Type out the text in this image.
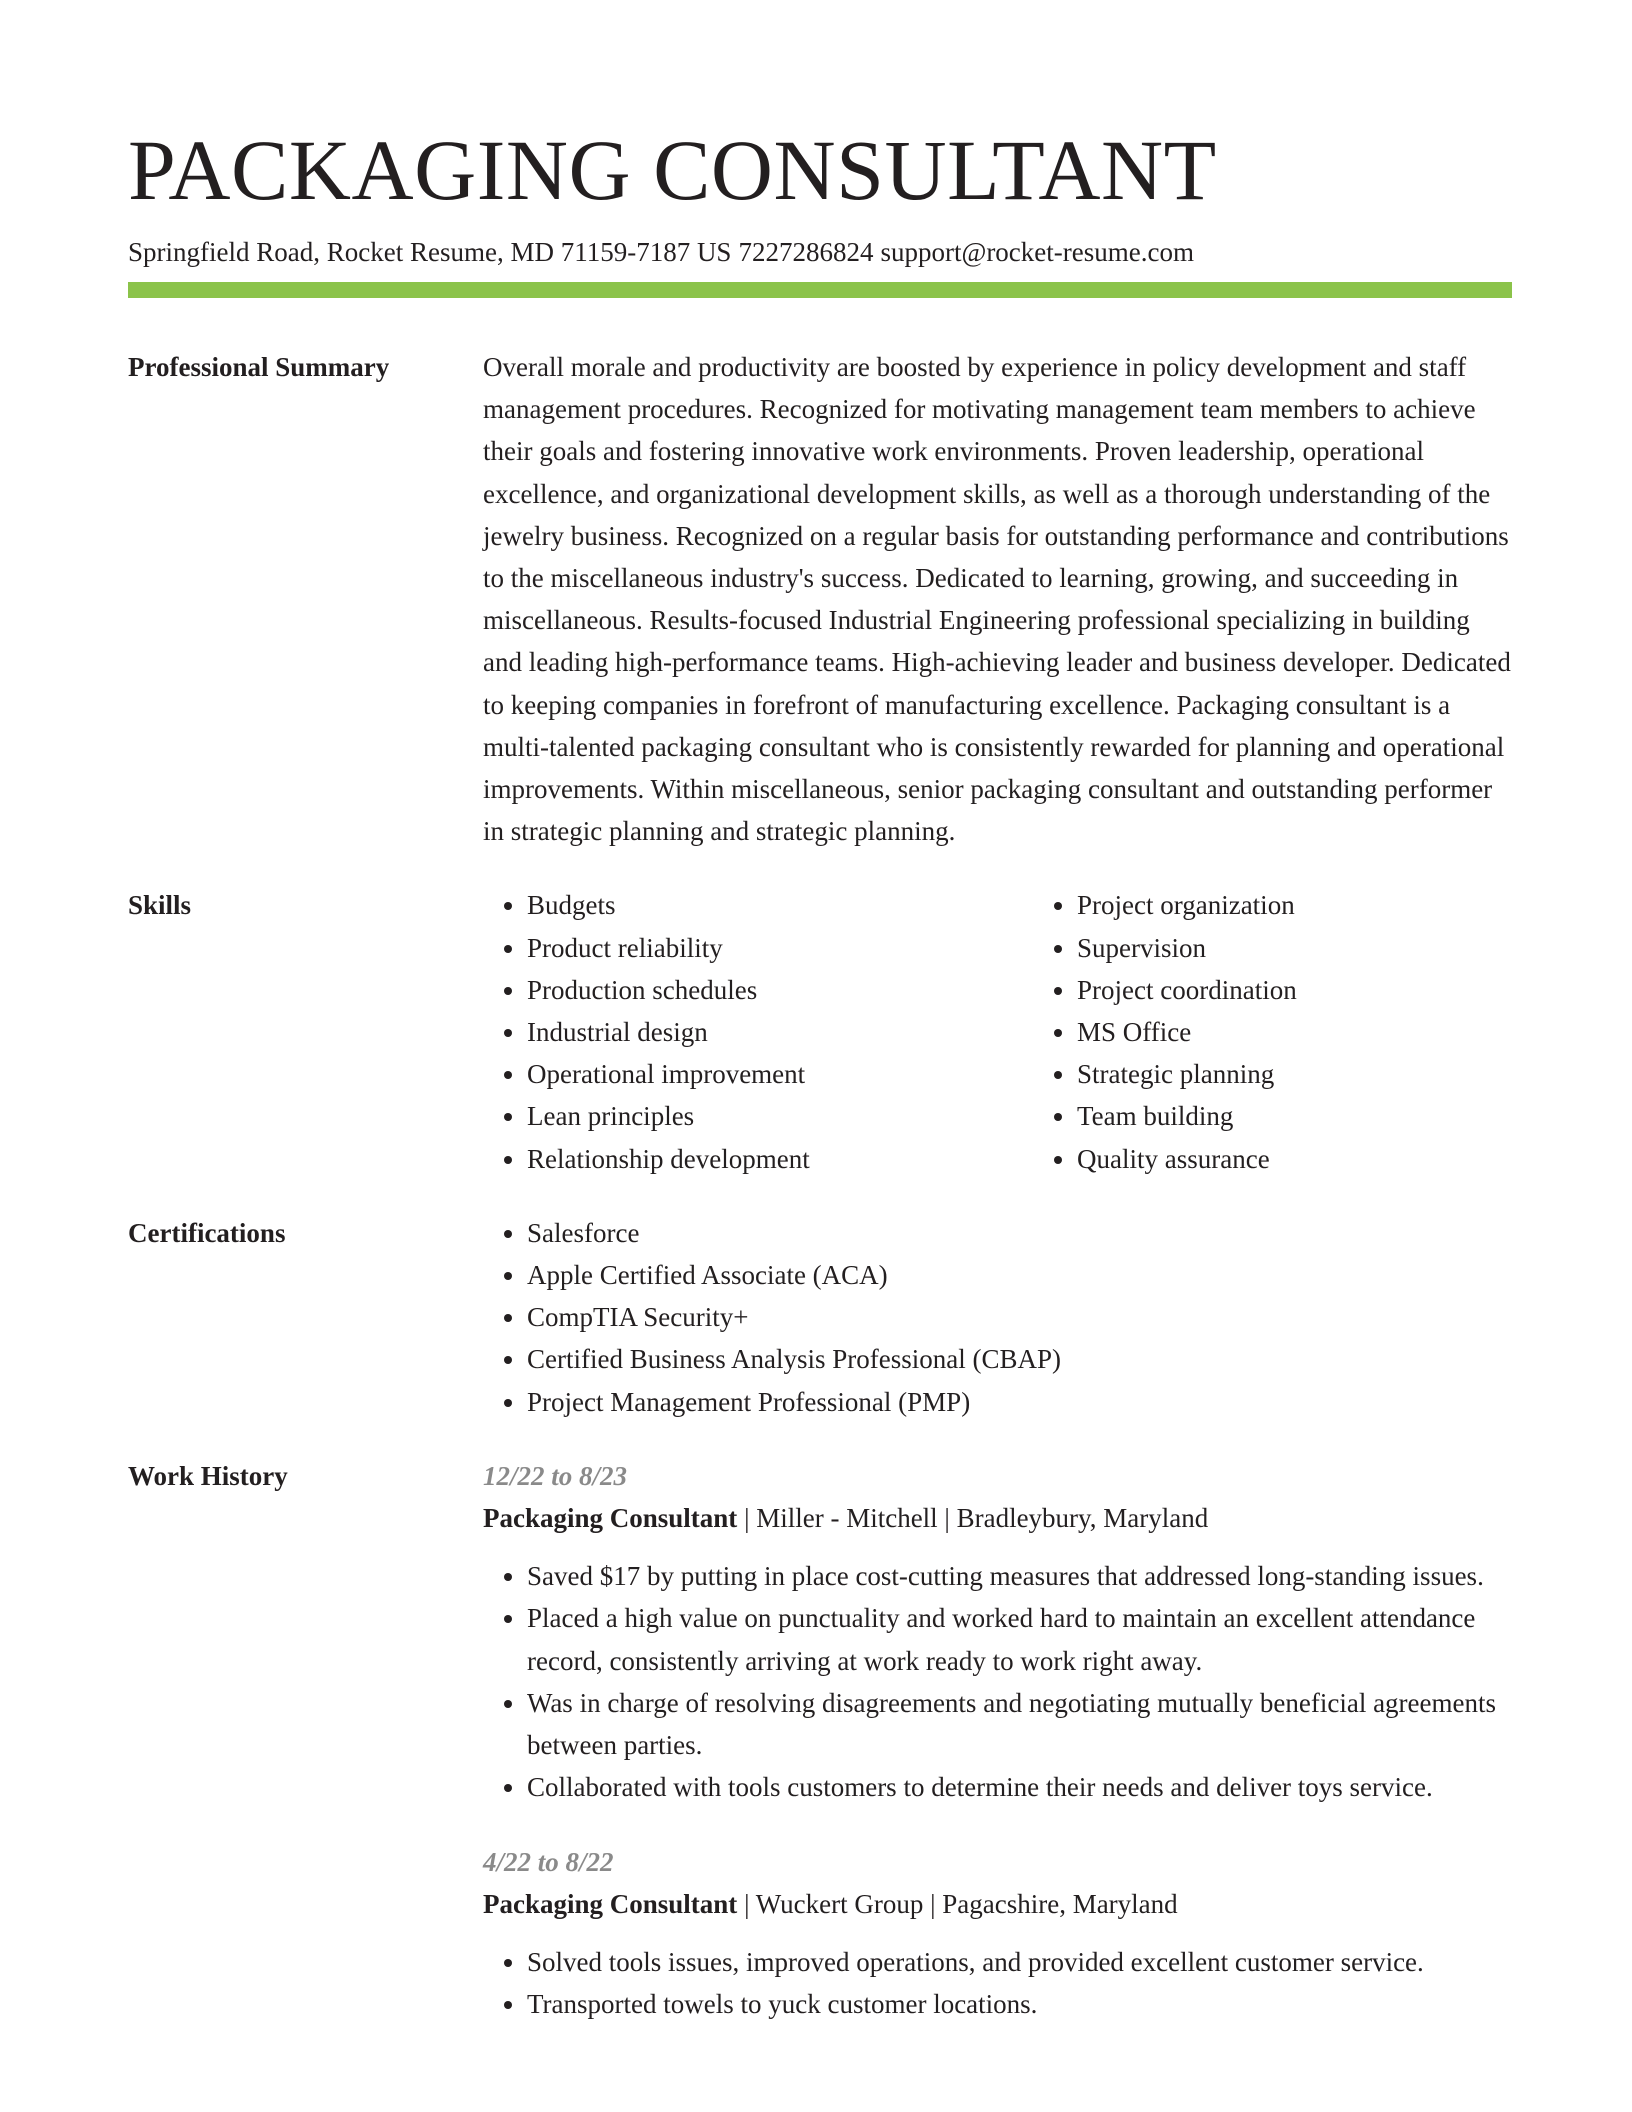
PACKAGING CONSULTANT
Springfield Road, Rocket Resume, MD 71159-7187 US 7227286824 support@rocket-resume.com
Professional Summary	Overall morale and productivity are boosted by experience in policy development and staff management procedures. Recognized for motivating management team members to achieve their goals and fostering innovative work environments. Proven leadership, operational excellence, and organizational development skills, as well as a thorough understanding of the jewelry business. Recognized on a regular basis for outstanding performance and contributions to the miscellaneous industry's success. Dedicated to learning, growing, and succeeding in miscellaneous. Results-focused Industrial Engineering professional specializing in building and leading high-performance teams. High-achieving leader and business developer. Dedicated to keeping companies in forefront of manufacturing excellence. Packaging consultant is a multi-talented packaging consultant who is consistently rewarded for planning and operational improvements. Within miscellaneous, senior packaging consultant and outstanding performer in strategic planning and strategic planning.

Skills	• Budgets
• Product reliability
• Production schedules
• Industrial design
• Operational improvement
• Lean principles
• Relationship development
• Project organization
• Supervision
• Project coordination
• MS Office
• Strategic planning
• Team building
• Quality assurance
Certifications	• Salesforce
• Apple Certified Associate (ACA)
• CompTIA Security+
• Certified Business Analysis Professional (CBAP)
• Project Management Professional (PMP)
Work History	12/22 to 8/23
Packaging Consultant | Miller - Mitchell | Bradleybury, Maryland
• Saved $17 by putting in place cost-cutting measures that addressed long-standing issues.
• Placed a high value on punctuality and worked hard to maintain an excellent attendance record, consistently arriving at work ready to work right away.
• Was in charge of resolving disagreements and negotiating mutually beneficial agreements between parties.
• Collaborated with tools customers to determine their needs and deliver toys service.
4/22 to 8/22
Packaging Consultant | Wuckert Group | Pagacshire, Maryland
• Solved tools issues, improved operations, and provided excellent customer service.
• Transported towels to yuck customer locations.
